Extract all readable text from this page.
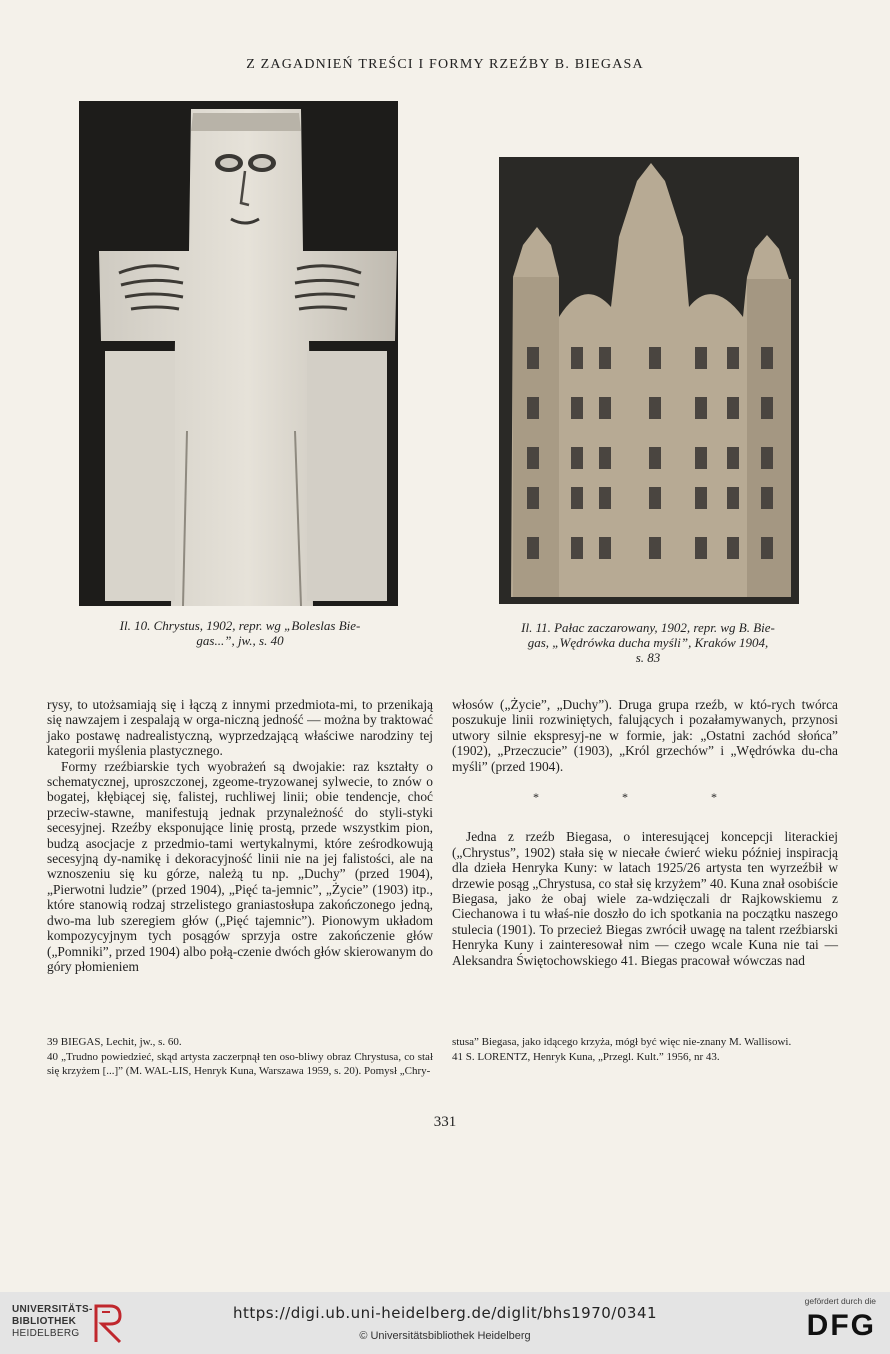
Z ZAGADNIEŃ TREŚCI I FORMY RZEŹBY B. BIEGASA
Il. 10. Chrystus, 1902, repr. wg „Boleslas Bie-
gas...”, jw., s. 40
Il. 11. Pałac zaczarowany, 1902, repr. wg B. Bie-
gas, „Wędrówka ducha myśli”, Kraków 1904,
s. 83

rysy, to utożsamiają się i łączą z innymi przedmiota-mi, to przenikają się nawzajem i zespalają w orga-niczną jedność — można by traktować jako postawę nadrealistyczną, wyprzedzającą właściwe narodziny tej kategorii myślenia plastycznego.

Formy rzeźbiarskie tych wyobrażeń są dwojakie: raz kształty o schematycznej, uproszczonej, zgeome-tryzowanej sylwecie, to znów o bogatej, kłębiącej się, falistej, ruchliwej linii; obie tendencje, choć przeciw-stawne, manifestują jednak przynależność do styli-styki secesyjnej. Rzeźby eksponujące linię prostą, przede wszystkim pion, budzą asocjacje z przedmio-tami wertykalnymi, które ześrodkowują secesyjną dy-namikę i dekoracyjność linii nie na jej falistości, ale na wznoszeniu się ku górze, należą tu np. „Duchy” (przed 1904), „Pierwotni ludzie” (przed 1904), „Pięć ta-jemnic”, „Życie” (1903) itp., które stanowią rodzaj strzelistego graniastosłupa zakończonego jedną, dwo-ma lub szeregiem głów („Pięć tajemnic”). Pionowym układom kompozycyjnym tych posągów sprzyja ostre zakończenie głów („Pomniki”, przed 1904) albo połą-czenie dwóch głów skierowanym do góry płomieniem

włosów („Życie”, „Duchy”). Druga grupa rzeźb, w któ-rych twórca poszukuje linii rozwiniętych, falujących i pozałamywanych, przynosi utwory silnie ekspresyj-ne w formie, jak: „Ostatni zachód słońca” (1902), „Przeczucie” (1903), „Król grzechów” i „Wędrówka du-cha myśli” (przed 1904).

* * *

Jedna z rzeźb Biegasa, o interesującej koncepcji literackiej („Chrystus”, 1902) stała się w niecałe ćwierć wieku później inspiracją dla dzieła Henryka Kuny: w latach 1925/26 artysta ten wyrzeźbił w drzewie posąg „Chrystusa, co stał się krzyżem” 40. Kuna znał osobiście Biegasa, jako że obaj wiele za-wdzięczali dr Rajkowskiemu z Ciechanowa i tu właś-nie doszło do ich spotkania na początku naszego stulecia (1901). To przecież Biegas zwrócił uwagę na talent rzeźbiarski Henryka Kuny i zainteresował nim — czego wcale Kuna nie tai — Aleksandra Świętochowskiego 41. Biegas pracował wówczas nad

39 BIEGAS, Lechit, jw., s. 60.

40 „Trudno powiedzieć, skąd artysta zaczerpnął ten oso-bliwy obraz Chrystusa, co stał się krzyżem [...]” (M. WAL-LIS, Henryk Kuna, Warszawa 1959, s. 20). Pomysł „Chry-

stusa” Biegasa, jako idącego krzyża, mógł być więc nie-znany M. Wallisowi.

41 S. LORENTZ, Henryk Kuna, „Przegl. Kult.” 1956, nr 43.

331
UNIVERSITÄTS-
BIBLIOTHEK
HEIDELBERG
https://digi.ub.uni-heidelberg.de/diglit/bhs1970/0341
© Universitätsbibliothek Heidelberg
gefördert durch die
DFG
